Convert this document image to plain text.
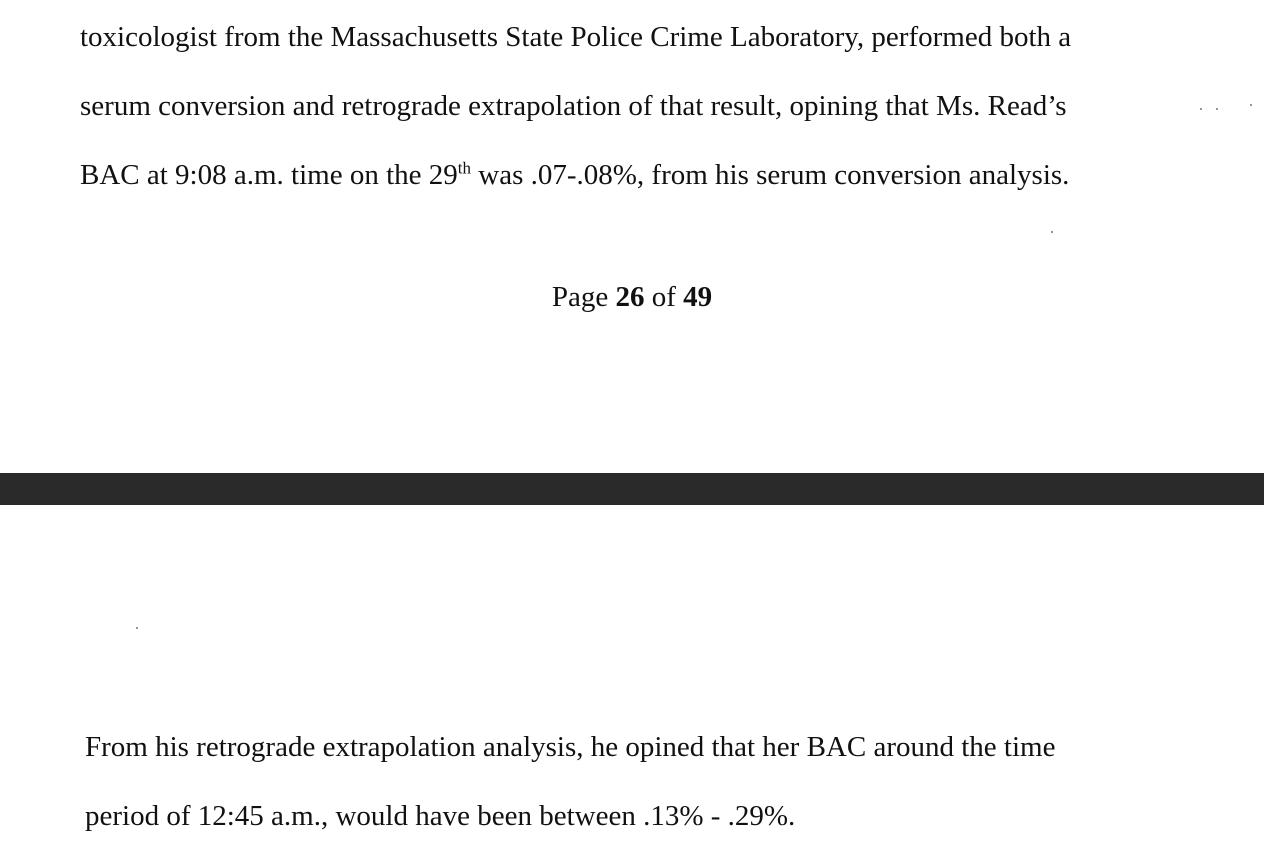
toxicologist from the Massachusetts State Police Crime Laboratory, performed both a
serum conversion and retrograde extrapolation of that result, opining that Ms. Read’s
BAC at 9:08 a.m. time on the 29th was .07-.08%, from his serum conversion analysis.
Page 26 of 49
From his retrograde extrapolation analysis, he opined that her BAC around the time
period of 12:45 a.m., would have been between .13% - .29%.
